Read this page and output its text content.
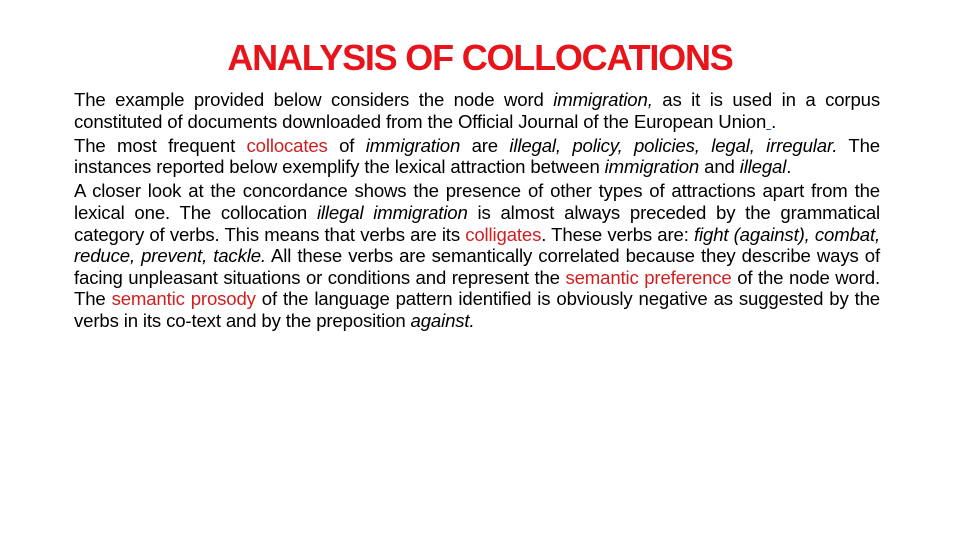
ANALYSIS OF COLLOCATIONS

The example provided below considers the node word immigration, as it is used in a corpus constituted of documents downloaded from the Official Journal of the European Union .

The most frequent collocates of immigration are illegal, policy, policies, legal, irregular. The instances reported below exemplify the lexical attraction between immigration and illegal.

A closer look at the concordance shows the presence of other types of attractions apart from the lexical one. The collocation illegal immigration is almost always preceded by the grammatical category of verbs. This means that verbs are its colligates. These verbs are: fight (against), combat, reduce, prevent, tackle. All these verbs are semantically correlated because they describe ways of facing unpleasant situations or conditions and represent the semantic preference of the node word. The semantic prosody of the language pattern identified is obviously negative as suggested by the verbs in its co-text and by the preposition against.
